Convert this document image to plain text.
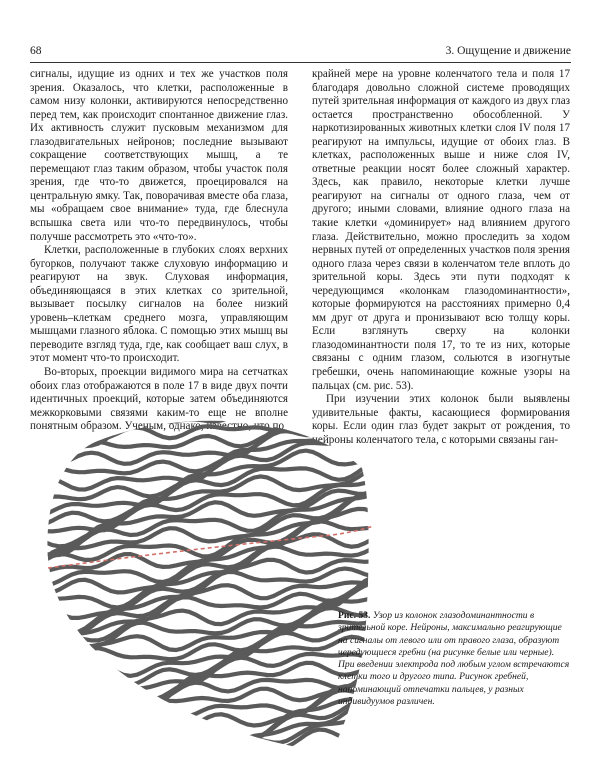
68	3. Ощущение и движение

сигналы, идущие из одних и тех же участков поля зрения. Оказалось, что клетки, расположенные в самом низу колонки, активируются непосредственно перед тем, как происходит спонтанное движение глаз. Их активность служит пусковым механизмом для глазодвигательных нейронов; последние вызывают сокращение соответствующих мышц, а те перемещают глаз таким образом, чтобы участок поля зрения, где что-то движется, проецировался на центральную ямку. Так, поворачивая вместе оба глаза, мы «обращаем свое внимание» туда, где блеснула вспышка света или что-то передвинулось, чтобы получше рассмотреть это «что-то».

Клетки, расположенные в глубоких слоях верхних бугорков, получают также слуховую информацию и реагируют на звук. Слуховая информация, объединяющаяся в этих клетках со зрительной, вызывает посылку сигналов на более низкий уровень–клеткам среднего мозга, управляющим мышцами глазного яблока. С помощью этих мышц вы переводите взгляд туда, где, как сообщает ваш слух, в этот момент что-то происходит.

Во-вторых, проекции видимого мира на сетчатках обоих глаз отображаются в поле 17 в виде двух почти идентичных проекций, которые затем объединяются межкорковыми связями каким-то еще не вполне понятным образом. Ученым, однако, известно, что по

крайней мере на уровне коленчатого тела и поля 17 благодаря довольно сложной системе проводящих путей зрительная информация от каждого из двух глаз остается пространственно обособленной. У наркотизированных животных клетки слоя IV поля 17 реагируют на импульсы, идущие от обоих глаз. В клетках, расположенных выше и ниже слоя IV, ответные реакции носят более сложный характер. Здесь, как правило, некоторые клетки лучше реагируют на сигналы от одного глаза, чем от другого; иными словами, влияние одного глаза на такие клетки «доминирует» над влиянием другого глаза. Действительно, можно проследить за ходом нервных путей от определенных участков поля зрения одного глаза через связи в коленчатом теле вплоть до зрительной коры. Здесь эти пути подходят к чередующимся «колонкам глазодоминантности», которые формируются на расстояниях примерно 0,4 мм друг от друга и пронизывают всю толщу коры. Если взглянуть сверху на колонки глазодоминантности поля 17, то те из них, которые связаны с одним глазом, сольются в изогнутые гребешки, очень напоминающие кожные узоры на пальцах (см. рис. 53).

При изучении этих колонок были выявлены удивительные факты, касающиеся формирования коры. Если один глаз будет закрыт от рождения, то нейроны коленчатого тела, с которыми связаны ган-

Рис. 53. Узор из колонок глазодоминантности в зрительной коре. Нейроны, максимально реагирующие на сигналы от левого или от правого глаза, образуют чередующиеся гребни (на рисунке белые или черные). При введении электрода под любым углом встречаются клетки того и другого типа. Рисунок гребней, напоминающий отпечатки пальцев, у разных индивидуумов различен.
